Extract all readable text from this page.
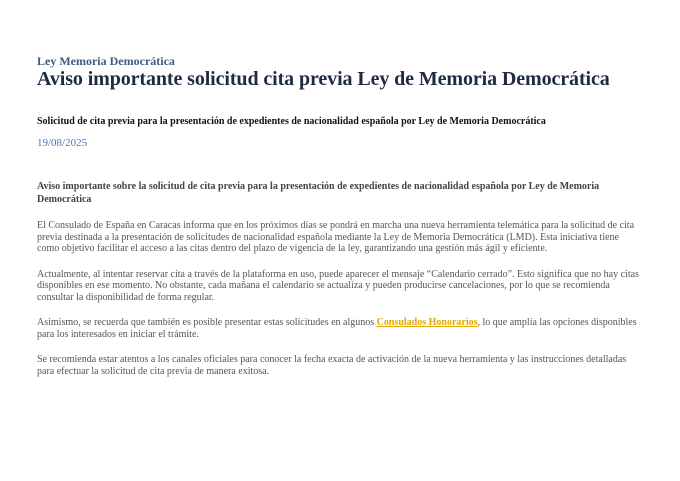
Ley Memoria Democrática

Aviso importante solicitud cita previa Ley de Memoria Democrática

Solicitud de cita previa para la presentación de expedientes de nacionalidad española por Ley de Memoria Democrática

19/08/2025

Aviso importante sobre la solicitud de cita previa para la presentación de expedientes de nacionalidad española por Ley de Memoria Democrática

El Consulado de España en Caracas informa que en los próximos días se pondrá en marcha una nueva herramienta telemática para la solicitud de cita previa destinada a la presentación de solicitudes de nacionalidad española mediante la Ley de Memoria Democrática (LMD). Esta iniciativa tiene como objetivo facilitar el acceso a las citas dentro del plazo de vigencia de la ley, garantizando una gestión más ágil y eficiente.

Actualmente, al intentar reservar cita a través de la plataforma en uso, puede aparecer el mensaje “Calendario cerrado”. Esto significa que no hay citas disponibles en ese momento. No obstante, cada mañana el calendario se actualiza y pueden producirse cancelaciones, por lo que se recomienda consultar la disponibilidad de forma regular.

Asimismo, se recuerda que también es posible presentar estas solicitudes en algunos Consulados Honorarios, lo que amplía las opciones disponibles para los interesados en iniciar el trámite.

Se recomienda estar atentos a los canales oficiales para conocer la fecha exacta de activación de la nueva herramienta y las instrucciones detalladas para efectuar la solicitud de cita previa de manera exitosa.
